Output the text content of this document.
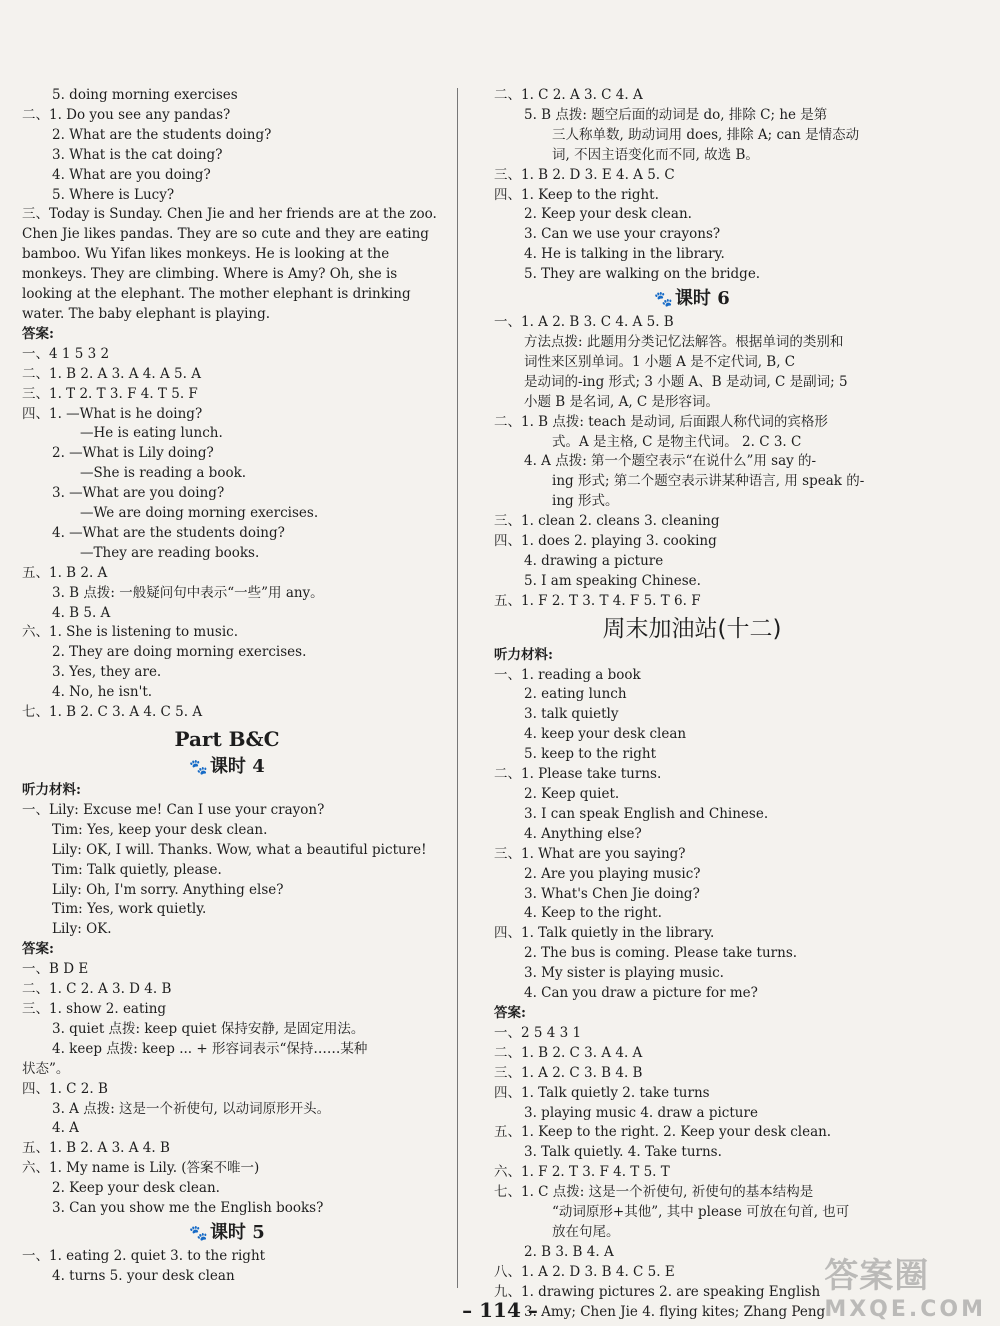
5. doing morning exercises
二、1. Do you see any pandas?
2. What are the students doing?
3. What is the cat doing?
4. What are you doing?
5. Where is Lucy?
三、Today is Sunday. Chen Jie and her friends are at the zoo.
Chen Jie likes pandas. They are so cute and they are eating
bamboo. Wu Yifan likes monkeys. He is looking at the
monkeys. They are climbing. Where is Amy? Oh, she is
looking at the elephant. The mother elephant is drinking
water. The baby elephant is playing.
答案:
一、4 1 5 3 2
二、1. B 2. A 3. A 4. A 5. A
三、1. T 2. T 3. F 4. T 5. F
四、1. —What is he doing?
—He is eating lunch.
2. —What is Lily doing?
—She is reading a book.
3. —What are you doing?
—We are doing morning exercises.
4. —What are the students doing?
—They are reading books.
五、1. B 2. A
3. B 点拨: 一般疑问句中表示“一些”用 any。
4. B 5. A
六、1. She is listening to music.
2. They are doing morning exercises.
3. Yes, they are.
4. No, he isn't.
七、1. B 2. C 3. A 4. C 5. A
Part B&C
🐾 课时 4
听力材料:
一、Lily: Excuse me! Can I use your crayon?
Tim: Yes, keep your desk clean.
Lily: OK, I will. Thanks. Wow, what a beautiful picture!
Tim: Talk quietly, please.
Lily: Oh, I'm sorry. Anything else?
Tim: Yes, work quietly.
Lily: OK.
答案:
一、B D E
二、1. C 2. A 3. D 4. B
三、1. show 2. eating
3. quiet 点拨: keep quiet 保持安静, 是固定用法。
4. keep 点拨: keep ... + 形容词表示“保持……某种
状态”。
四、1. C 2. B
3. A 点拨: 这是一个祈使句, 以动词原形开头。
4. A
五、1. B 2. A 3. A 4. B
六、1. My name is Lily. (答案不唯一)
2. Keep your desk clean.
3. Can you show me the English books?
🐾 课时 5
一、1. eating 2. quiet 3. to the right
4. turns 5. your desk clean
二、1. C 2. A 3. C 4. A
5. B 点拨: 题空后面的动词是 do, 排除 C; he 是第
三人称单数, 助动词用 does, 排除 A; can 是情态动
词, 不因主语变化而不同, 故选 B。
三、1. B 2. D 3. E 4. A 5. C
四、1. Keep to the right.
2. Keep your desk clean.
3. Can we use your crayons?
4. He is talking in the library.
5. They are walking on the bridge.
🐾 课时 6
一、1. A 2. B 3. C 4. A 5. B
方法点拨: 此题用分类记忆法解答。根据单词的类别和
词性来区别单词。1 小题 A 是不定代词, B, C
是动词的-ing 形式; 3 小题 A、B 是动词, C 是副词; 5
小题 B 是名词, A, C 是形容词。
二、1. B 点拨: teach 是动词, 后面跟人称代词的宾格形
式。A 是主格, C 是物主代词。 2. C 3. C
4. A 点拨: 第一个题空表示“在说什么”用 say 的-
ing 形式; 第二个题空表示讲某种语言, 用 speak 的-
ing 形式。
三、1. clean 2. cleans 3. cleaning
四、1. does 2. playing 3. cooking
4. drawing a picture
5. I am speaking Chinese.
五、1. F 2. T 3. T 4. F 5. T 6. F
周末加油站(十二)
听力材料:
一、1. reading a book
2. eating lunch
3. talk quietly
4. keep your desk clean
5. keep to the right
二、1. Please take turns.
2. Keep quiet.
3. I can speak English and Chinese.
4. Anything else?
三、1. What are you saying?
2. Are you playing music?
3. What's Chen Jie doing?
4. Keep to the right.
四、1. Talk quietly in the library.
2. The bus is coming. Please take turns.
3. My sister is playing music.
4. Can you draw a picture for me?
答案:
一、2 5 4 3 1
二、1. B 2. C 3. A 4. A
三、1. A 2. C 3. B 4. B
四、1. Talk quietly 2. take turns
3. playing music 4. draw a picture
五、1. Keep to the right. 2. Keep your desk clean.
3. Talk quietly. 4. Take turns.
六、1. F 2. T 3. F 4. T 5. T
七、1. C 点拨: 这是一个祈使句, 祈使句的基本结构是
“动词原形+其他”, 其中 please 可放在句首, 也可
放在句尾。
2. B 3. B 4. A
八、1. A 2. D 3. B 4. C 5. E
九、1. drawing pictures 2. are speaking English
3. Amy; Chen Jie 4. flying kites; Zhang Peng
– 114 –
答案圈
MXQE.COM
